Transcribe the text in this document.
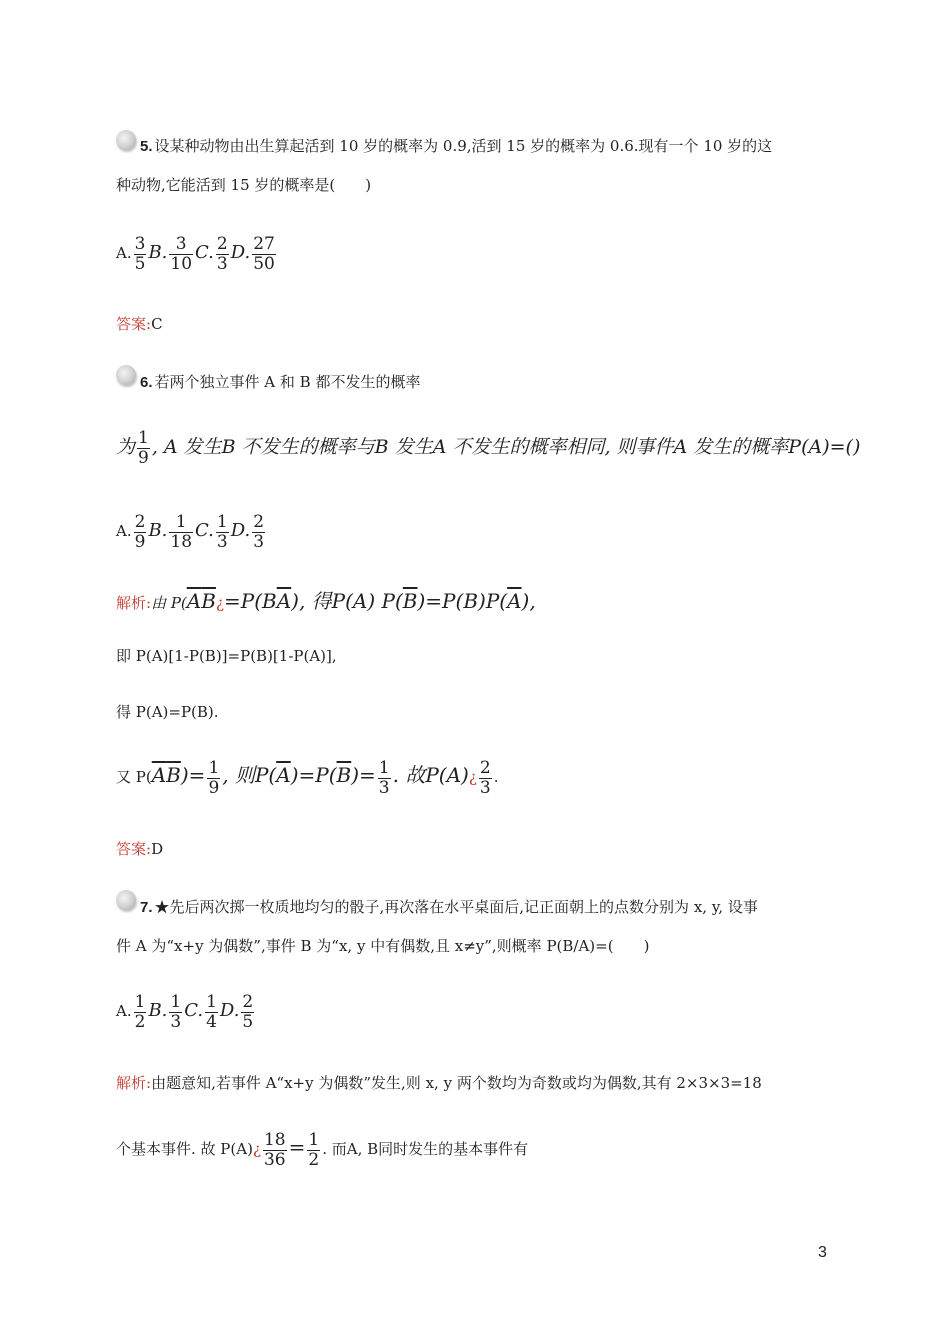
5. 设某种动物由出生算起活到 10 岁的概率为 0.9,活到 15 岁的概率为 0.6.现有一个 10 岁的这
种动物,它能活到 15 岁的概率是(　　)
A. $\frac{3}{5} B$. $\frac{3}{10} C$. $\frac{2}{3} D$. $\frac{27}{50}$
答案:C
6. 若两个独立事件 A 和 B 都不发生的概率
为 $\frac{1}{9}$ , A 发生B 不发生的概率与B 发生A 不发生的概率相同, 则事件A 发生的概率P(A)=()
A. $\frac{2}{9} B$. $\frac{1}{18} C$. $\frac{1}{3} D$. $\frac{2}{3}$
解析:由 $P(\overline{A}\overline{B}¿=P(B\overline{A})$, 得P(A) $P(\overline{B})=P(B)P(\overline{A})$,
即 P(A)[1-P(B)]=P(B)[1-P(A)],
得 P(A)=P(B).
又 $P(\overline{A}\overline{B})= \frac{1}{9}$ , 则$P(\overline{A})=P(\overline{B})= \frac{1}{3}$ . 故P(A)¿ $\frac{2}{3}$ .
答案:D
7. ★先后两次掷一枚质地均匀的骰子,再次落在水平桌面后,记正面朝上的点数分别为 x, y, 设事
件 A 为“x+y 为偶数”,事件 B 为“x, y 中有偶数,且 x≠y”,则概率 P(B/A)=(　　)
A. $\frac{1}{2} B$. $\frac{1}{3} C$. $\frac{1}{4} D$. $\frac{2}{5}$
解析:由题意知,若事件 A“x+y 为偶数”发生,则 x, y 两个数均为奇数或均为偶数,其有 2×3×3=18
个基本事件. 故 P(A)¿ $\frac{18}{36} = \frac{1}{2}$ . 而A, B同时发生的基本事件有
3
